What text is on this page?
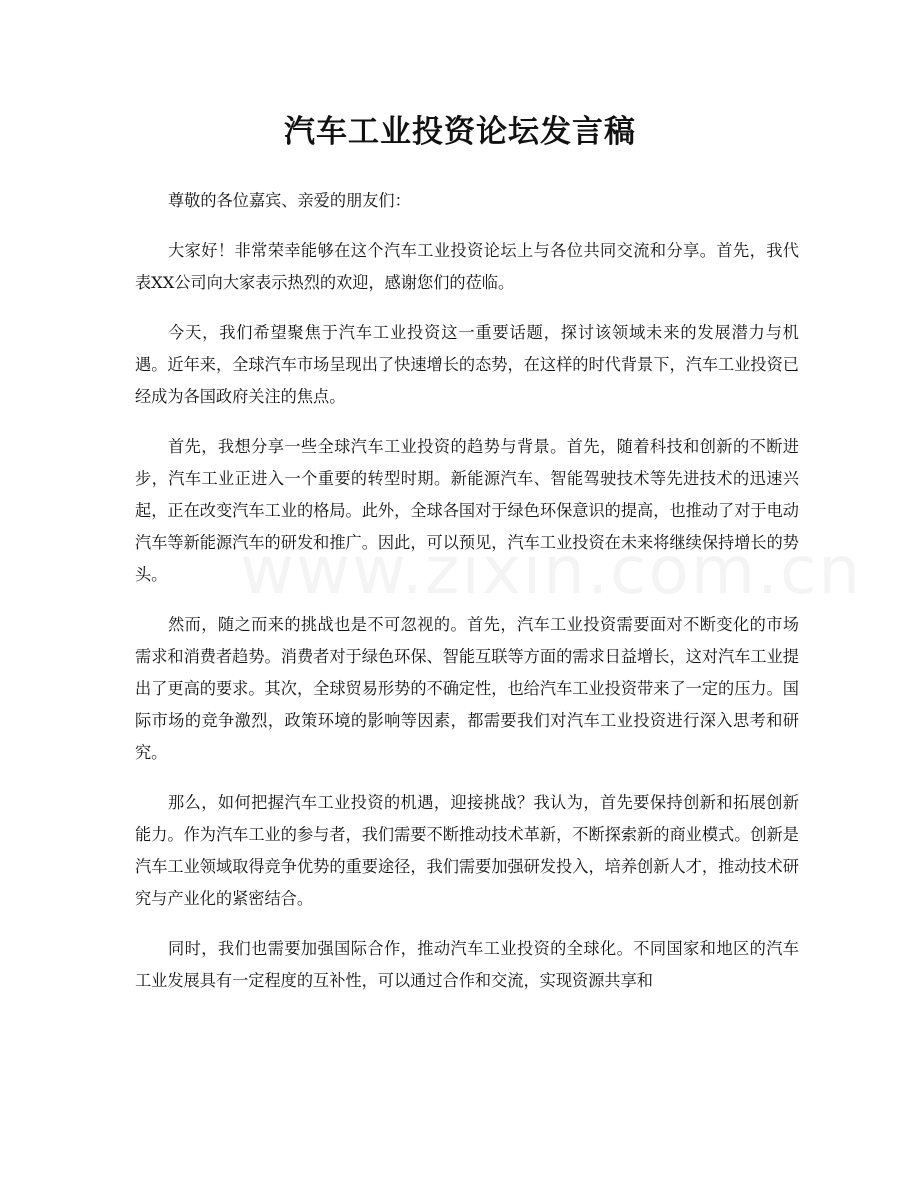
汽车工业投资论坛发言稿

尊敬的各位嘉宾、亲爱的朋友们：

大家好！非常荣幸能够在这个汽车工业投资论坛上与各位共同交流和分享。首先，我代表XX公司向大家表示热烈的欢迎，感谢您们的莅临。

今天，我们希望聚焦于汽车工业投资这一重要话题，探讨该领域未来的发展潜力与机遇。近年来，全球汽车市场呈现出了快速增长的态势，在这样的时代背景下，汽车工业投资已经成为各国政府关注的焦点。

首先，我想分享一些全球汽车工业投资的趋势与背景。首先，随着科技和创新的不断进步，汽车工业正进入一个重要的转型时期。新能源汽车、智能驾驶技术等先进技术的迅速兴起，正在改变汽车工业的格局。此外，全球各国对于绿色环保意识的提高，也推动了对于电动汽车等新能源汽车的研发和推广。因此，可以预见，汽车工业投资在未来将继续保持增长的势头。

然而，随之而来的挑战也是不可忽视的。首先，汽车工业投资需要面对不断变化的市场需求和消费者趋势。消费者对于绿色环保、智能互联等方面的需求日益增长，这对汽车工业提出了更高的要求。其次，全球贸易形势的不确定性，也给汽车工业投资带来了一定的压力。国际市场的竞争激烈，政策环境的影响等因素，都需要我们对汽车工业投资进行深入思考和研究。

那么，如何把握汽车工业投资的机遇，迎接挑战？我认为，首先要保持创新和拓展创新能力。作为汽车工业的参与者，我们需要不断推动技术革新，不断探索新的商业模式。创新是汽车工业领域取得竞争优势的重要途径，我们需要加强研发投入，培养创新人才，推动技术研究与产业化的紧密结合。

同时，我们也需要加强国际合作，推动汽车工业投资的全球化。不同国家和地区的汽车工业发展具有一定程度的互补性，可以通过合作和交流，实现资源共享和
